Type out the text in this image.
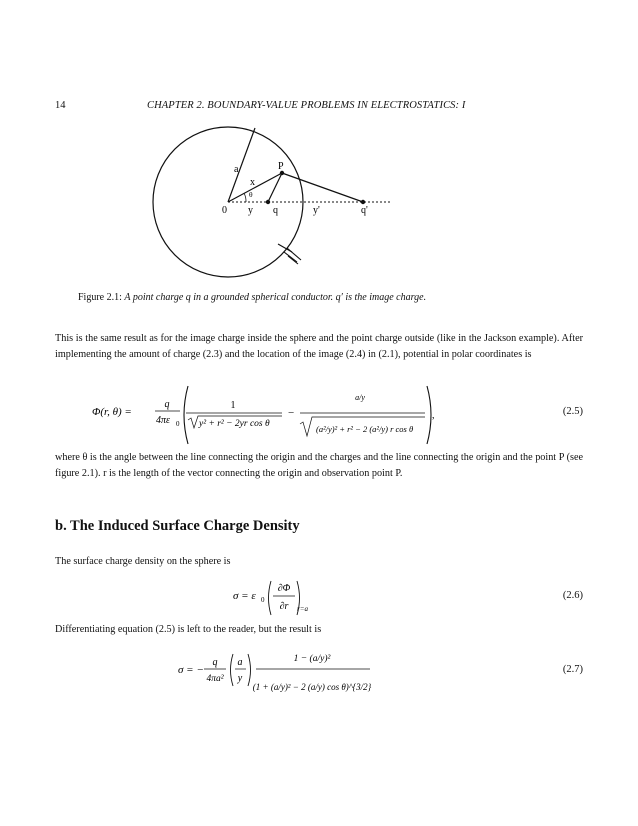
14	CHAPTER 2. BOUNDARY-VALUE PROBLEMS IN ELECTROSTATICS: I
a
x
P
θ
0 y q	y'	q'
Figure 2.1: A point charge q in a grounded spherical conductor. q′ is the image charge.
This is the same result as for the image charge inside the sphere and the point charge outside (like in the Jackson example). After implementing the amount of charge (2.3) and the location of the image (2.4) in (2.1), potential in polar coordinates is
Φ(r, θ) =
q
4πε 0
1
y² + r² − 2yr cos θ
−
a/y
(a²/y)² + r² − 2 (a²/y) r cos θ
,	(2.5)
where θ is the angle between the line connecting the origin and the charges and the line connecting the origin and the point P (see figure 2.1). r is the length of the vector connecting the origin and observation point P.
b. The Induced Surface Charge Density
The surface charge density on the sphere is
σ = ε 0
∂Φ
∂r r=a
(2.6)
Differentiating equation (2.5) is left to the reader, but the result is
σ = −
q
4πa²
a
y
1 − (a/y)²
(1 + (a/y)² − 2 (a/y) cos θ)^{3/2}
(2.7)
